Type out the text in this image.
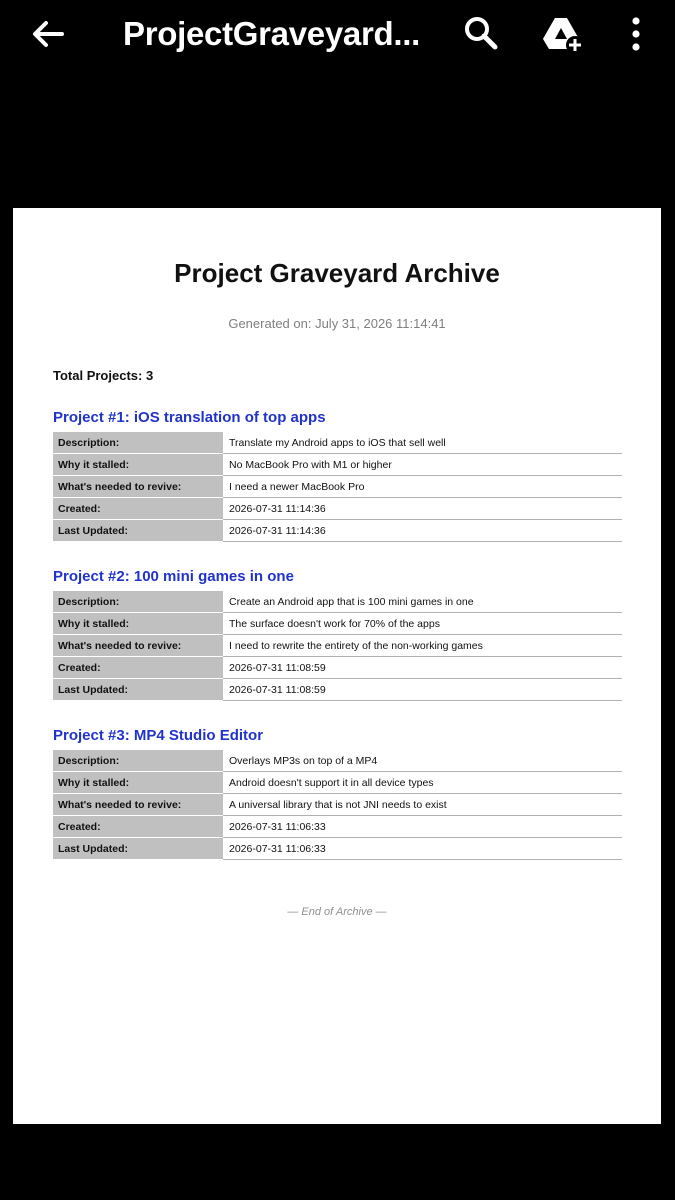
ProjectGraveyard...
Project Graveyard Archive
Generated on: July 31, 2026 11:14:41
Total Projects: 3
Project #1: iOS translation of top apps
Description:	Translate my Android apps to iOS that sell well
Why it stalled:	No MacBook Pro with M1 or higher
What's needed to revive:	I need a newer MacBook Pro
Created:	2026-07-31 11:14:36
Last Updated:	2026-07-31 11:14:36
Project #2: 100 mini games in one
Description:	Create an Android app that is 100 mini games in one
Why it stalled:	The surface doesn't work for 70% of the apps
What's needed to revive:	I need to rewrite the entirety of the non-working games
Created:	2026-07-31 11:08:59
Last Updated:	2026-07-31 11:08:59
Project #3: MP4 Studio Editor
Description:	Overlays MP3s on top of a MP4
Why it stalled:	Android doesn't support it in all device types
What's needed to revive:	A universal library that is not JNI needs to exist
Created:	2026-07-31 11:06:33
Last Updated:	2026-07-31 11:06:33
— End of Archive —
